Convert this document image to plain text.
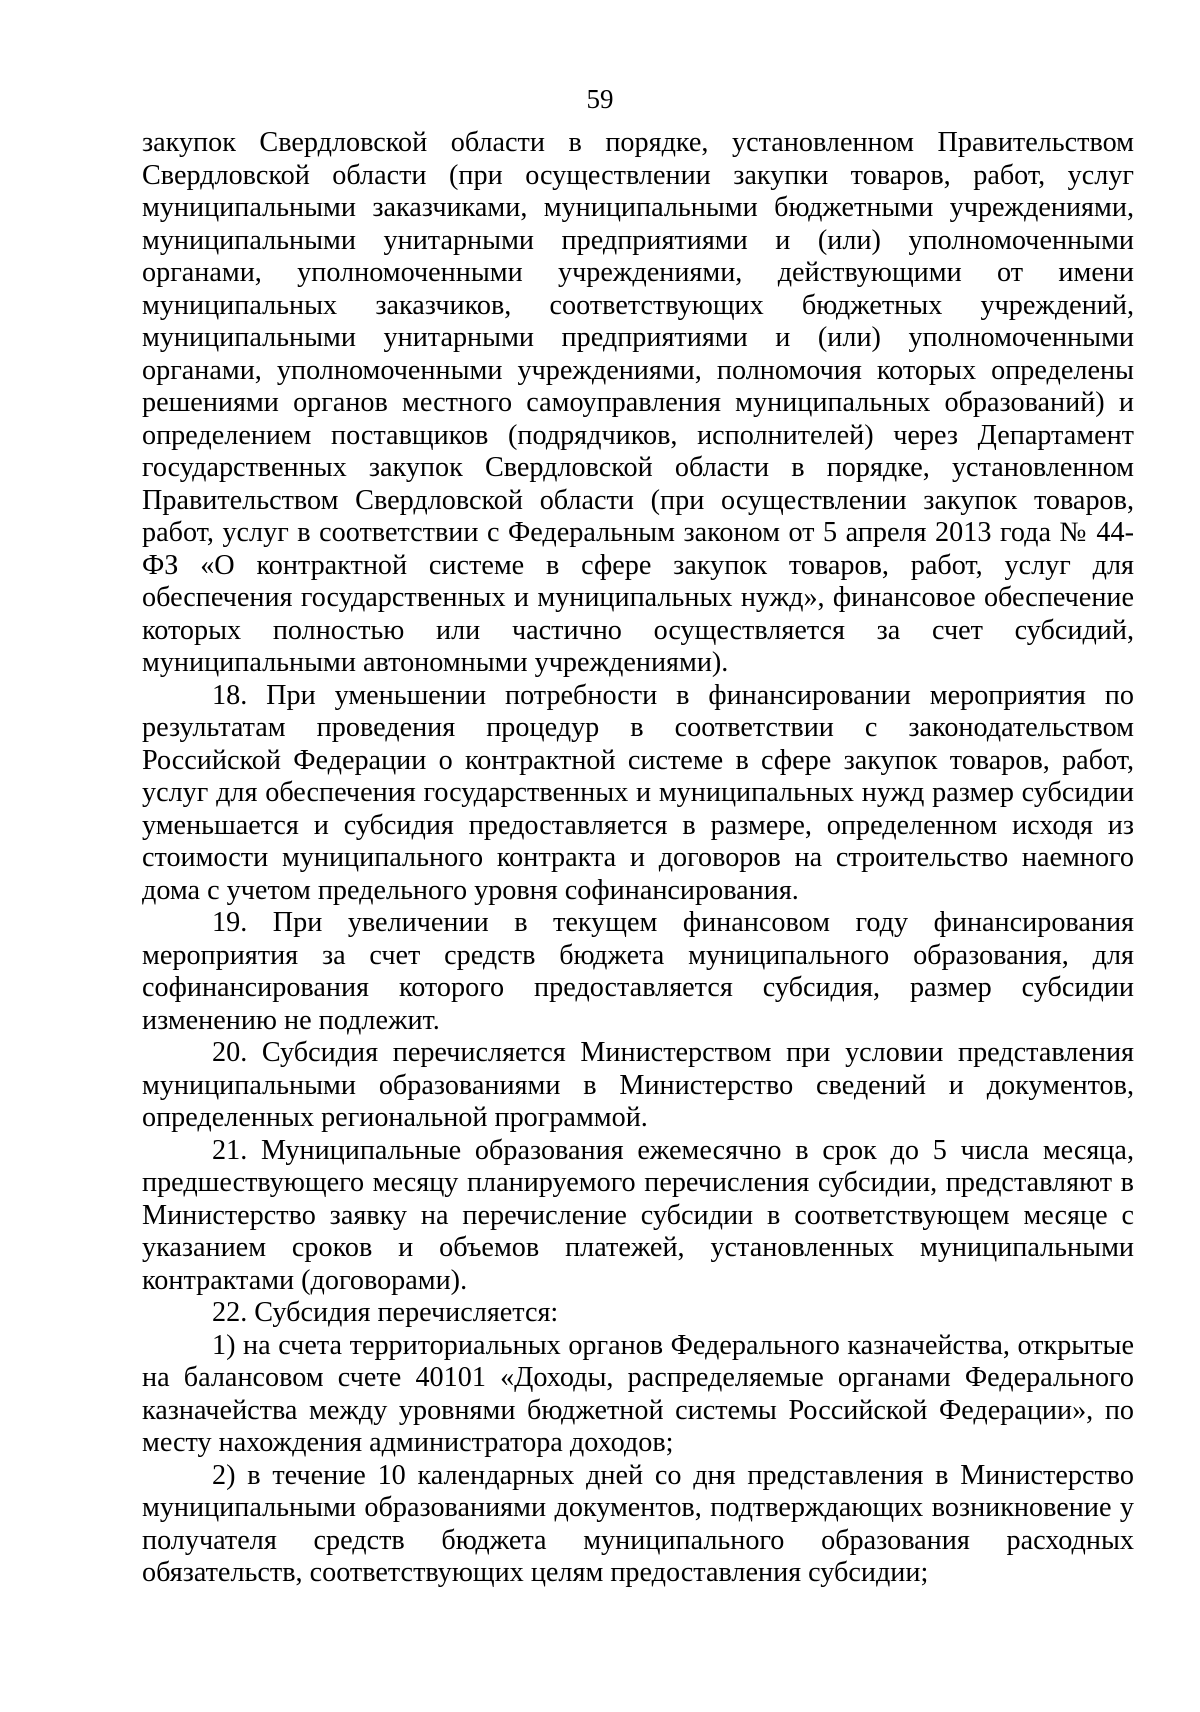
59

закупок Свердловской области в порядке, установленном Правительством Свердловской области (при осуществлении закупки товаров, работ, услуг муниципальными заказчиками, муниципальными бюджетными учреждениями, муниципальными унитарными предприятиями и (или) уполномоченными органами, уполномоченными учреждениями, действующими от имени муниципальных заказчиков, соответствующих бюджетных учреждений, муниципальными унитарными предприятиями и (или) уполномоченными органами, уполномоченными учреждениями, полномочия которых определены решениями органов местного самоуправления муниципальных образований) и определением поставщиков (подрядчиков, исполнителей) через Департамент государственных закупок Свердловской области в порядке, установленном Правительством Свердловской области (при осуществлении закупок товаров, работ, услуг в соответствии с Федеральным законом от 5 апреля 2013 года № 44-ФЗ «О контрактной системе в сфере закупок товаров, работ, услуг для обеспечения государственных и муниципальных нужд», финансовое обеспечение которых полностью или частично осуществляется за счет субсидий, муниципальными автономными учреждениями).

18. При уменьшении потребности в финансировании мероприятия по результатам проведения процедур в соответствии с законодательством Российской Федерации о контрактной системе в сфере закупок товаров, работ, услуг для обеспечения государственных и муниципальных нужд размер субсидии уменьшается и субсидия предоставляется в размере, определенном исходя из стоимости муниципального контракта и договоров на строительство наемного дома с учетом предельного уровня софинансирования.

19. При увеличении в текущем финансовом году финансирования мероприятия за счет средств бюджета муниципального образования, для софинансирования которого предоставляется субсидия, размер субсидии изменению не подлежит.

20. Субсидия перечисляется Министерством при условии представления муниципальными образованиями в Министерство сведений и документов, определенных региональной программой.

21. Муниципальные образования ежемесячно в срок до 5 числа месяца, предшествующего месяцу планируемого перечисления субсидии, представляют в Министерство заявку на перечисление субсидии в соответствующем месяце с указанием сроков и объемов платежей, установленных муниципальными контрактами (договорами).

22. Субсидия перечисляется:

1) на счета территориальных органов Федерального казначейства, открытые на балансовом счете 40101 «Доходы, распределяемые органами Федерального казначейства между уровнями бюджетной системы Российской Федерации», по месту нахождения администратора доходов;

2) в течение 10 календарных дней со дня представления в Министерство муниципальными образованиями документов, подтверждающих возникновение у получателя средств бюджета муниципального образования расходных обязательств, соответствующих целям предоставления субсидии;
